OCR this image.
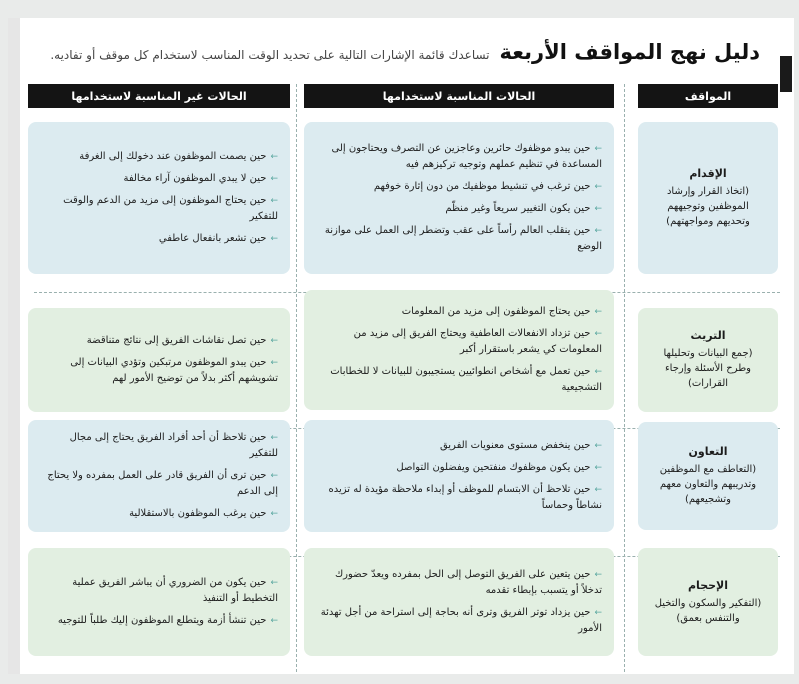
دليل نهج المواقف الأربعة
تساعدك قائمة الإشارات التالية على تحديد الوقت المناسب لاستخدام كل موقف أو تفاديه.
المواقف
الحالات المناسبة لاستخدامها
الحالات غير المناسبة لاستخدامها
الإقدام
(اتخاذ القرار وإرشاد الموظفين وتوجيههم وتحديهم ومواجهتهم)
←حين يبدو موظفوك حائرين وعاجزين عن التصرف ويحتاجون إلى المساعدة في تنظيم عملهم وتوجيه تركيزهم فيه
←حين ترغب في تنشيط موظفيك من دون إثارة خوفهم
←حين يكون التغيير سريعاً وغير منظّم
←حين ينقلب العالم رأساً على عقب وتضطر إلى العمل على موازنة الوضع
←حين يصمت الموظفون عند دخولك إلى الغرفة
←حين لا يبدي الموظفون آراء مخالفة
←حين يحتاج الموظفون إلى مزيد من الدعم والوقت للتفكير
←حين تشعر بانفعال عاطفي
التريث
(جمع البيانات وتحليلها وطرح الأسئلة وإرجاء القرارات)
←حين يحتاج الموظفون إلى مزيد من المعلومات
←حين تزداد الانفعالات العاطفية ويحتاج الفريق إلى مزيد من المعلومات كي يشعر باستقرار أكبر
←حين تعمل مع أشخاص انطوائيين يستجيبون للبيانات لا للخطابات التشجيعية
←حين تصل نقاشات الفريق إلى نتائج متناقضة
←حين يبدو الموظفون مرتبكين وتؤدي البيانات إلى تشويشهم أكثر بدلاً من توضيح الأمور لهم
التعاون
(التعاطف مع الموظفين وتدريبهم والتعاون معهم وتشجيعهم)
←حين ينخفض مستوى معنويات الفريق
←حين يكون موظفوك منفتحين ويفضلون التواصل
←حين تلاحظ أن الابتسام للموظف أو إبداء ملاحظة مؤيدة له تزيده نشاطاً وحماساً
←حين تلاحظ أن أحد أفراد الفريق يحتاج إلى مجال للتفكير
←حين ترى أن الفريق قادر على العمل بمفرده ولا يحتاج إلى الدعم
←حين يرغب الموظفون بالاستقلالية
الإحجام
(التفكير والسكون والتخيل والتنفس بعمق)
←حين يتعين على الفريق التوصل إلى الحل بمفرده ويعدّ حضورك تدخلاً أو يتسبب بإبطاء تقدمه
←حين يزداد توتر الفريق وترى أنه بحاجة إلى استراحة من أجل تهدئة الأمور
←حين يكون من الضروري أن يباشر الفريق عملية التخطيط أو التنفيذ
←حين تنشأ أزمة ويتطلع الموظفون إليك طلباً للتوجيه
